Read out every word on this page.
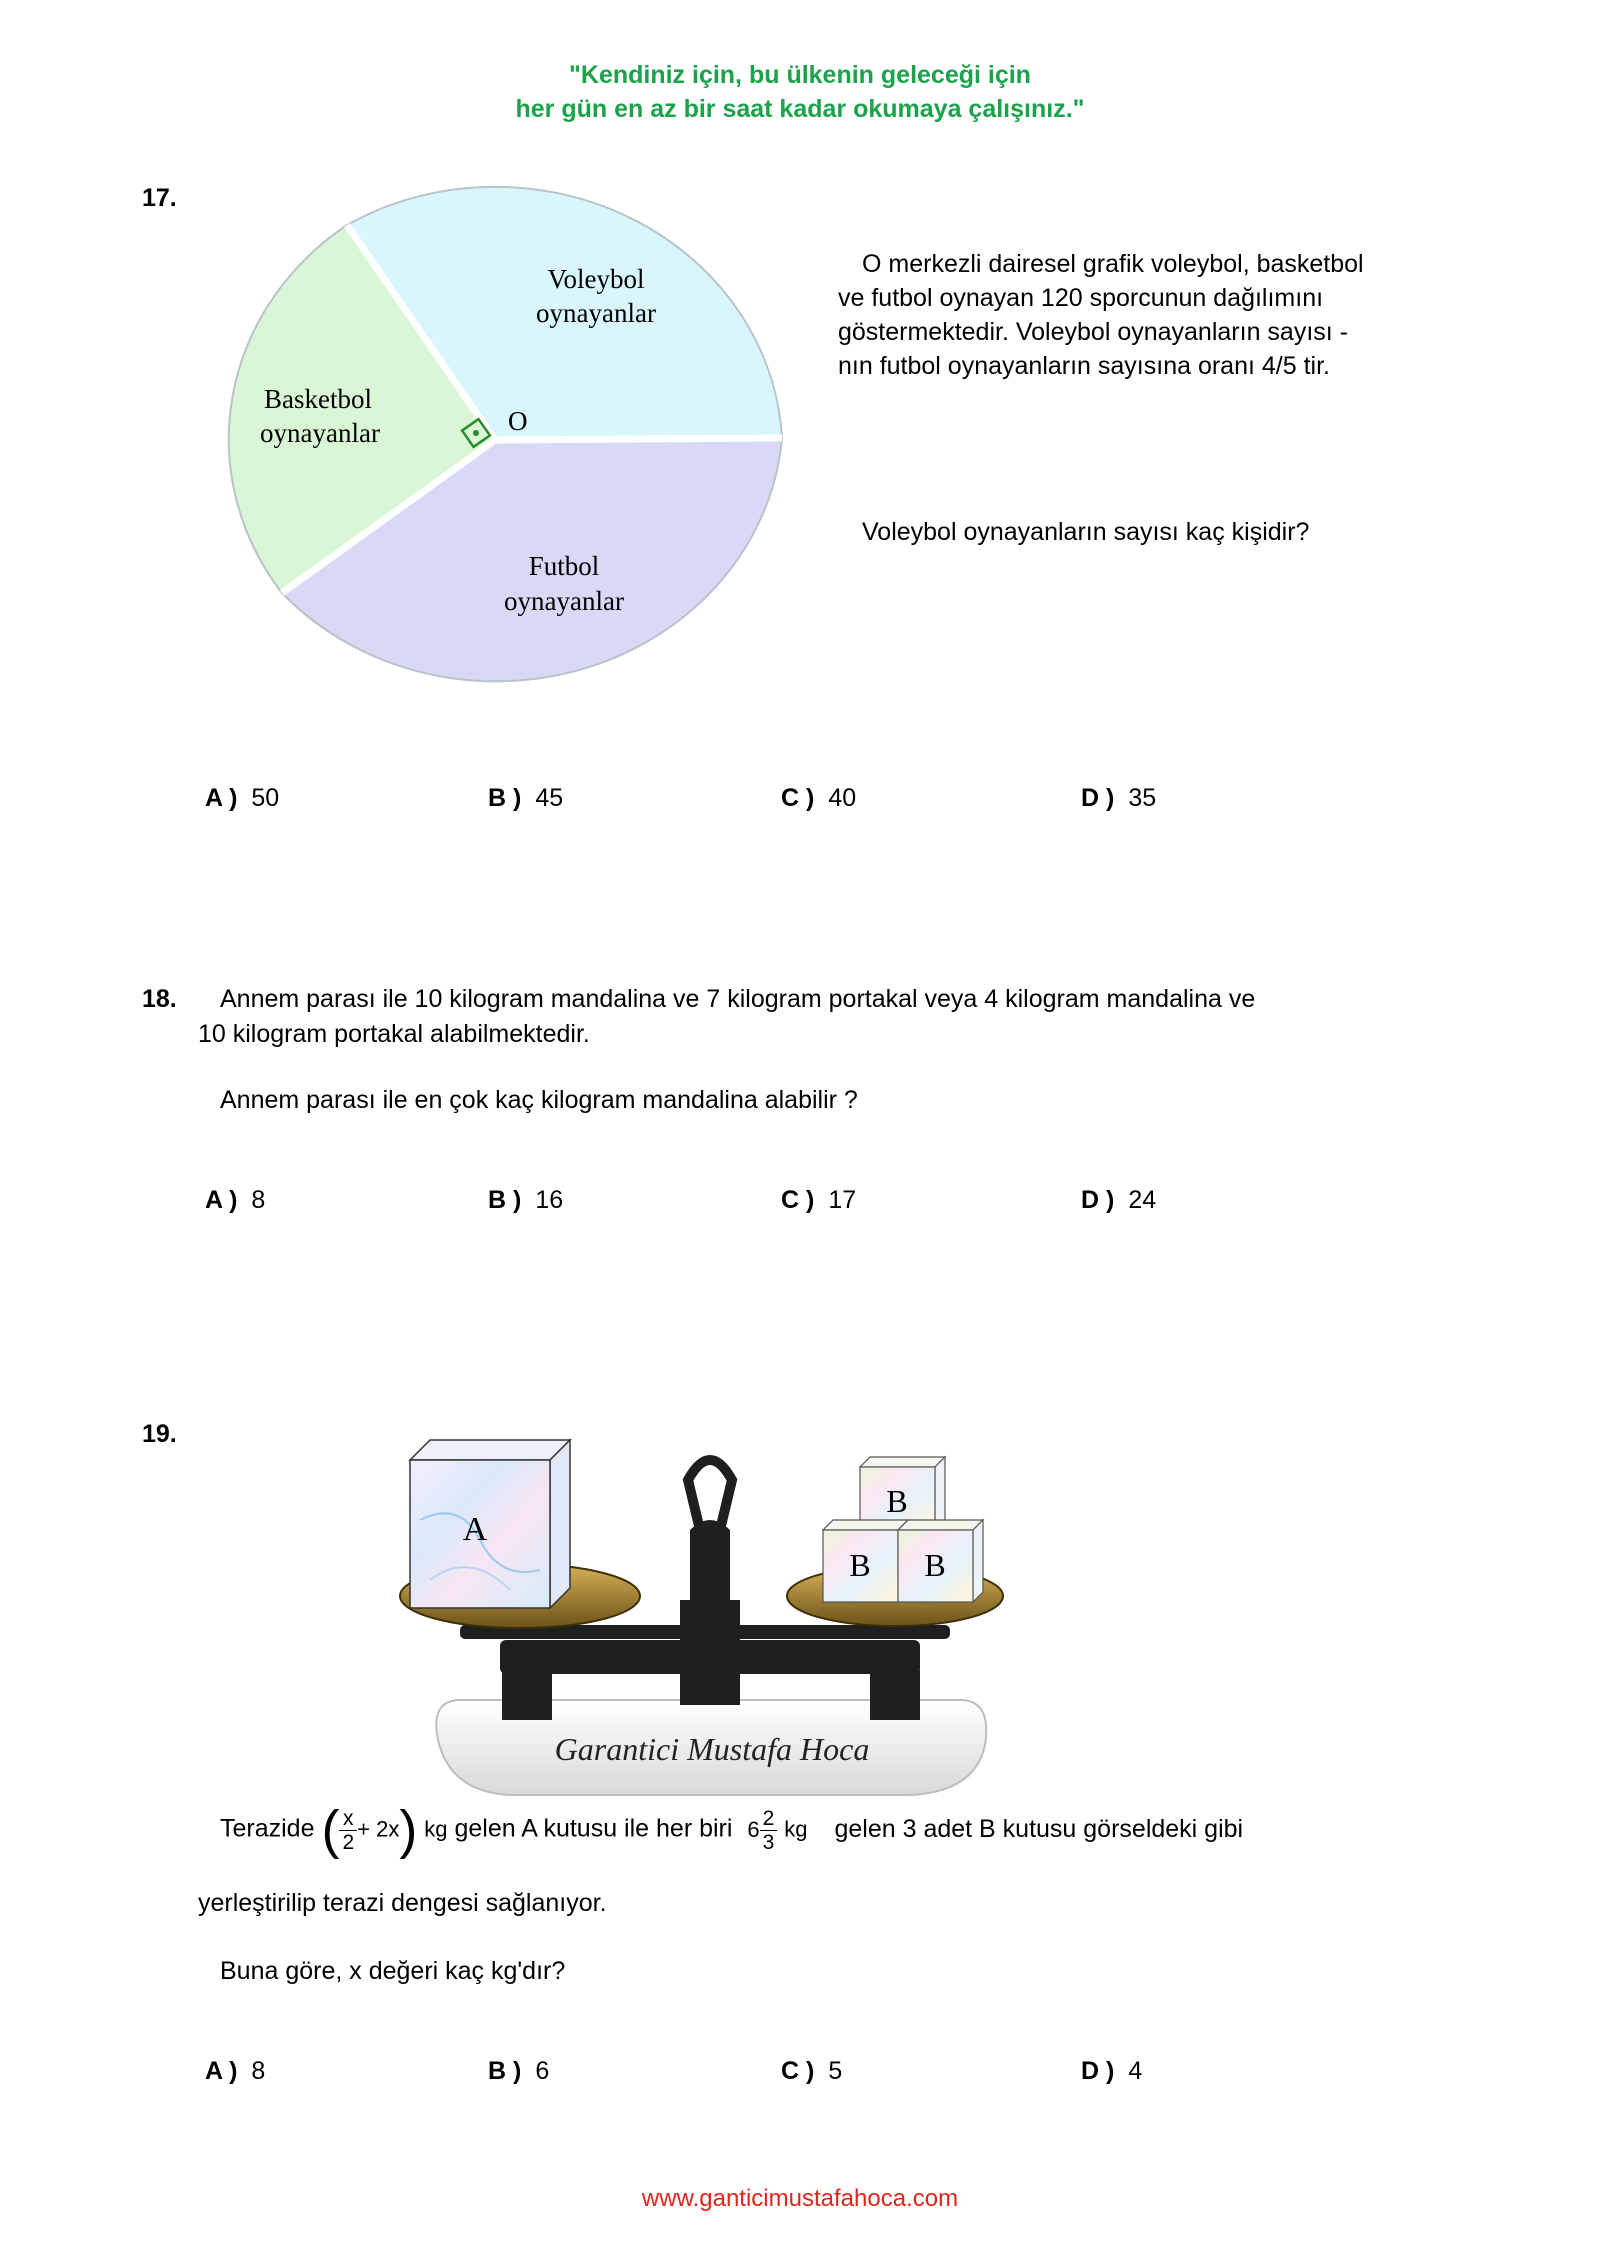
"Kendiniz için, bu ülkenin geleceği için
her gün en az bir saat kadar okumaya çalışınız."
17.
O
Voleybol
oynayanlar
Basketbol
oynayanlar
Futbol
oynayanlar
O merkezli dairesel grafik voleybol, basketbol
ve futbol oynayan 120 sporcunun dağılımını
göstermektedir. Voleybol oynayanların sayısı -
nın futbol oynayanların sayısına oranı 4/5 tir.
Voleybol oynayanların sayısı kaç kişidir?
A ) 50	B ) 45	C ) 40	D ) 35
18. Annem parası ile 10 kilogram mandalina ve 7 kilogram portakal veya 4 kilogram mandalina ve
10 kilogram portakal alabilmektedir.
Annem parası ile en çok kaç kilogram mandalina alabilir ?
A ) 8	B ) 16	C ) 17	D ) 24
19.
A
B
B B
Garantici Mustafa Hoca
Terazide ( $\frac{x}{2} + 2x$) kg gelen A kutusu ile her biri $6 \frac{2}{3}$ kg gelen 3 adet B kutusu görseldeki gibi
yerleştirilip terazi dengesi sağlanıyor.
Buna göre, x değeri kaç kg'dır?
A ) 8	B ) 6	C ) 5	D ) 4
www.ganticimustafahoca.com
